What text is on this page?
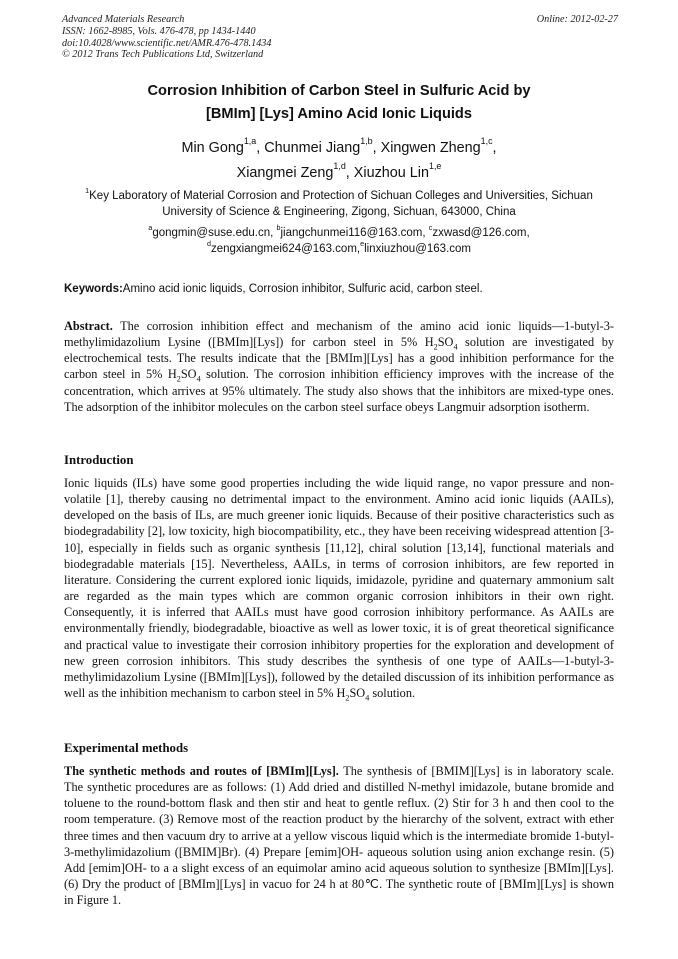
Advanced Materials Research
ISSN: 1662-8985, Vols. 476-478, pp 1434-1440
doi:10.4028/www.scientific.net/AMR.476-478.1434
© 2012 Trans Tech Publications Ltd, Switzerland
Online: 2012-02-27
Corrosion Inhibition of Carbon Steel in Sulfuric Acid by
[BMIm] [Lys] Amino Acid Ionic Liquids
Min Gong$^{1,a}$, Chunmei Jiang$^{1,b}$, Xingwen Zheng$^{1,c}$,
Xiangmei Zeng$^{1,d}$, Xiuzhou Lin$^{1,e}$
$^1$Key Laboratory of Material Corrosion and Protection of Sichuan Colleges and Universities, Sichuan
University of Science & Engineering, Zigong, Sichuan, 643000, China
$^a$gongmin@suse.edu.cn, $^b$jiangchunmei116@163.com, $^c$zxwasd@126.com,
$^d$zengxiangmei624@163.com,$^e$linxiuzhou@163.com
Keywords:Amino acid ionic liquids, Corrosion inhibitor, Sulfuric acid, carbon steel.
Abstract. The corrosion inhibition effect and mechanism of the amino acid ionic liquids—1-butyl-3-methylimidazolium Lysine ([BMIm][Lys]) for carbon steel in 5% $H_2SO_4$ solution are investigated by electrochemical tests. The results indicate that the [BMIm][Lys] has a good inhibition performance for the carbon steel in 5% $H_2SO_4$ solution. The corrosion inhibition efficiency improves with the increase of the concentration, which arrives at 95% ultimately. The study also shows that the inhibitors are mixed-type ones. The adsorption of the inhibitor molecules on the carbon steel surface obeys Langmuir adsorption isotherm.
Introduction
Ionic liquids (ILs) have some good properties including the wide liquid range, no vapor pressure and non-volatile [1], thereby causing no detrimental impact to the environment. Amino acid ionic liquids (AAILs), developed on the basis of ILs, are much greener ionic liquids. Because of their positive characteristics such as biodegradability [2], low toxicity, high biocompatibility, etc., they have been receiving widespread attention [3-10], especially in fields such as organic synthesis [11,12], chiral solution [13,14], functional materials and biodegradable materials [15]. Nevertheless, AAILs, in terms of corrosion inhibitors, are few reported in literature. Considering the current explored ionic liquids, imidazole, pyridine and quaternary ammonium salt are regarded as the main types which are common organic corrosion inhibitors in their own right. Consequently, it is inferred that AAILs must have good corrosion inhibitory performance. As AAILs are environmentally friendly, biodegradable, bioactive as well as lower toxic, it is of great theoretical significance and practical value to investigate their corrosion inhibitory properties for the exploration and development of new green corrosion inhibitors. This study describes the synthesis of one type of AAILs—1-butyl-3-methylimidazolium Lysine ([BMIm][Lys]), followed by the detailed discussion of its inhibition performance as well as the inhibition mechanism to carbon steel in 5% $H_2SO_4$ solution.
Experimental methods
The synthetic methods and routes of [BMIm][Lys]. The synthesis of [BMIM][Lys] is in laboratory scale. The synthetic procedures are as follows: (1) Add dried and distilled N-methyl imidazole, butane bromide and toluene to the round-bottom flask and then stir and heat to gentle reflux. (2) Stir for 3 h and then cool to the room temperature. (3) Remove most of the reaction product by the hierarchy of the solvent, extract with ether three times and then vacuum dry to arrive at a yellow viscous liquid which is the intermediate bromide 1-butyl-3-methylimidazolium ([BMIM]Br). (4) Prepare [emim]OH- aqueous solution using anion exchange resin. (5) Add [emim]OH- to a a slight excess of an equimolar amino acid aqueous solution to synthesize [BMIm][Lys]. (6) Dry the product of [BMIm][Lys] in vacuo for 24 h at 80℃. The synthetic route of [BMIm][Lys] is shown in Figure 1.
